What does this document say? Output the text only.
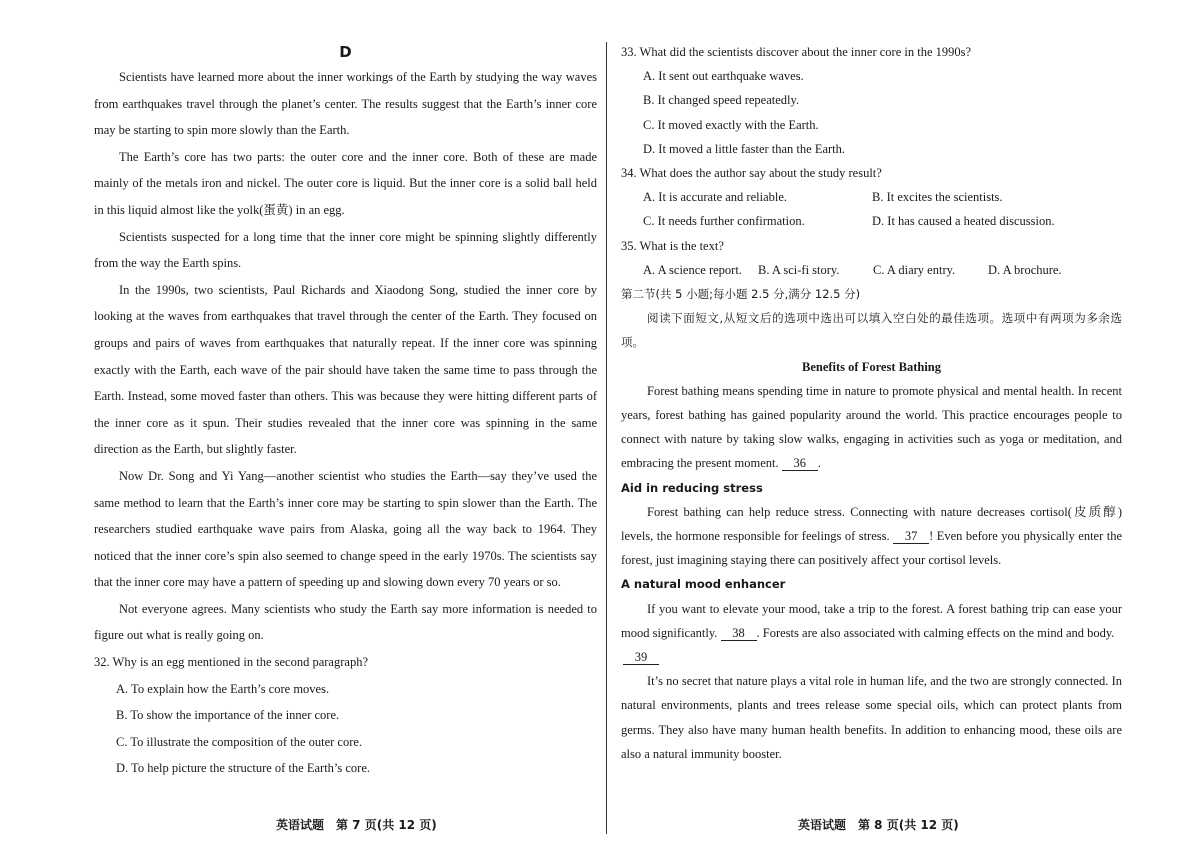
D

Scientists have learned more about the inner workings of the Earth by studying the way waves from earthquakes travel through the planet’s center. The results suggest that the Earth’s inner core may be starting to spin more slowly than the Earth.

The Earth’s core has two parts: the outer core and the inner core. Both of these are made mainly of the metals iron and nickel. The outer core is liquid. But the inner core is a solid ball held in this liquid almost like the yolk(蛋黄) in an egg.

Scientists suspected for a long time that the inner core might be spinning slightly differently from the way the Earth spins.

In the 1990s, two scientists, Paul Richards and Xiaodong Song, studied the inner core by looking at the waves from earthquakes that travel through the center of the Earth. They focused on groups and pairs of waves from earthquakes that naturally repeat. If the inner core was spinning exactly with the Earth, each wave of the pair should have taken the same time to pass through the Earth. Instead, some moved faster than others. This was because they were hitting different parts of the inner core as it spun. Their studies revealed that the inner core was spinning in the same direction as the Earth, but slightly faster.

Now Dr. Song and Yi Yang—another scientist who studies the Earth—say they’ve used the same method to learn that the Earth’s inner core may be starting to spin slower than the Earth. The researchers studied earthquake wave pairs from Alaska, going all the way back to 1964. They noticed that the inner core’s spin also seemed to change speed in the early 1970s. The scientists say that the inner core may have a pattern of speeding up and slowing down every 70 years or so.

Not everyone agrees. Many scientists who study the Earth say more information is needed to figure out what is really going on.

32. Why is an egg mentioned in the second paragraph?

A. To explain how the Earth’s core moves.

B. To show the importance of the inner core.

C. To illustrate the composition of the outer core.

D. To help picture the structure of the Earth’s core.

33. What did the scientists discover about the inner core in the 1990s?

A. It sent out earthquake waves.

B. It changed speed repeatedly.

C. It moved exactly with the Earth.

D. It moved a little faster than the Earth.

34. What does the author say about the study result?

A. It is accurate and reliable.	B. It excites the scientists.
C. It needs further confirmation.	D. It has caused a heated discussion.

35. What is the text?

A. A science report.	B. A sci-fi story.	C. A diary entry.	D. A brochure.

第二节(共 5 小题;每小题 2.5 分,满分 12.5 分)

阅读下面短文,从短文后的选项中选出可以填入空白处的最佳选项。选项中有两项为多余选项。

Benefits of Forest Bathing

Forest bathing means spending time in nature to promote physical and mental health. In recent years, forest bathing has gained popularity around the world. This practice encourages people to connect with nature by taking slow walks, engaging in activities such as yoga or meditation, and embracing the present moment. 36 .

Aid in reducing stress

Forest bathing can help reduce stress. Connecting with nature decreases cortisol(皮质醇) levels, the hormone responsible for feelings of stress. 37 ! Even before you physically enter the forest, just imagining staying there can positively affect your cortisol levels.

A natural mood enhancer

If you want to elevate your mood, take a trip to the forest. A forest bathing trip can ease your mood significantly. 38 . Forests are also associated with calming effects on the mind and body.

39

It’s no secret that nature plays a vital role in human life, and the two are strongly connected. In natural environments, plants and trees release some special oils, which can protect plants from germs. They also have many human health benefits. In addition to enhancing mood, these oils are also a natural immunity booster.

英语试题　第 7 页(共 12 页)	英语试题　第 8 页(共 12 页)
